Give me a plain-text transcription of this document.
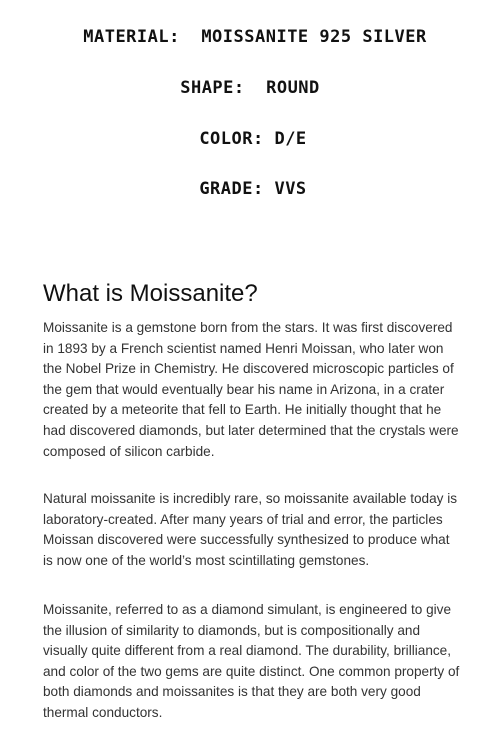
MATERIAL:  MOISSANITE 925 SILVER
SHAPE:  ROUND
COLOR: D/E
GRADE: VVS
What is Moissanite?

Moissanite is a gemstone born from the stars. It was first discovered in 1893 by a French scientist named Henri Moissan, who later won the Nobel Prize in Chemistry. He discovered microscopic particles of the gem that would eventually bear his name in Arizona, in a crater created by a meteorite that fell to Earth. He initially thought that he had discovered diamonds, but later determined that the crystals were composed of silicon carbide.

Natural moissanite is incredibly rare, so moissanite available today is laboratory-created. After many years of trial and error, the particles Moissan discovered were successfully synthesized to produce what is now one of the world’s most scintillating gemstones.

Moissanite, referred to as a diamond simulant, is engineered to give the illusion of similarity to diamonds, but is compositionally and visually quite different from a real diamond. The durability, brilliance, and color of the two gems are quite distinct. One common property of both diamonds and moissanites is that they are both very good thermal conductors.
